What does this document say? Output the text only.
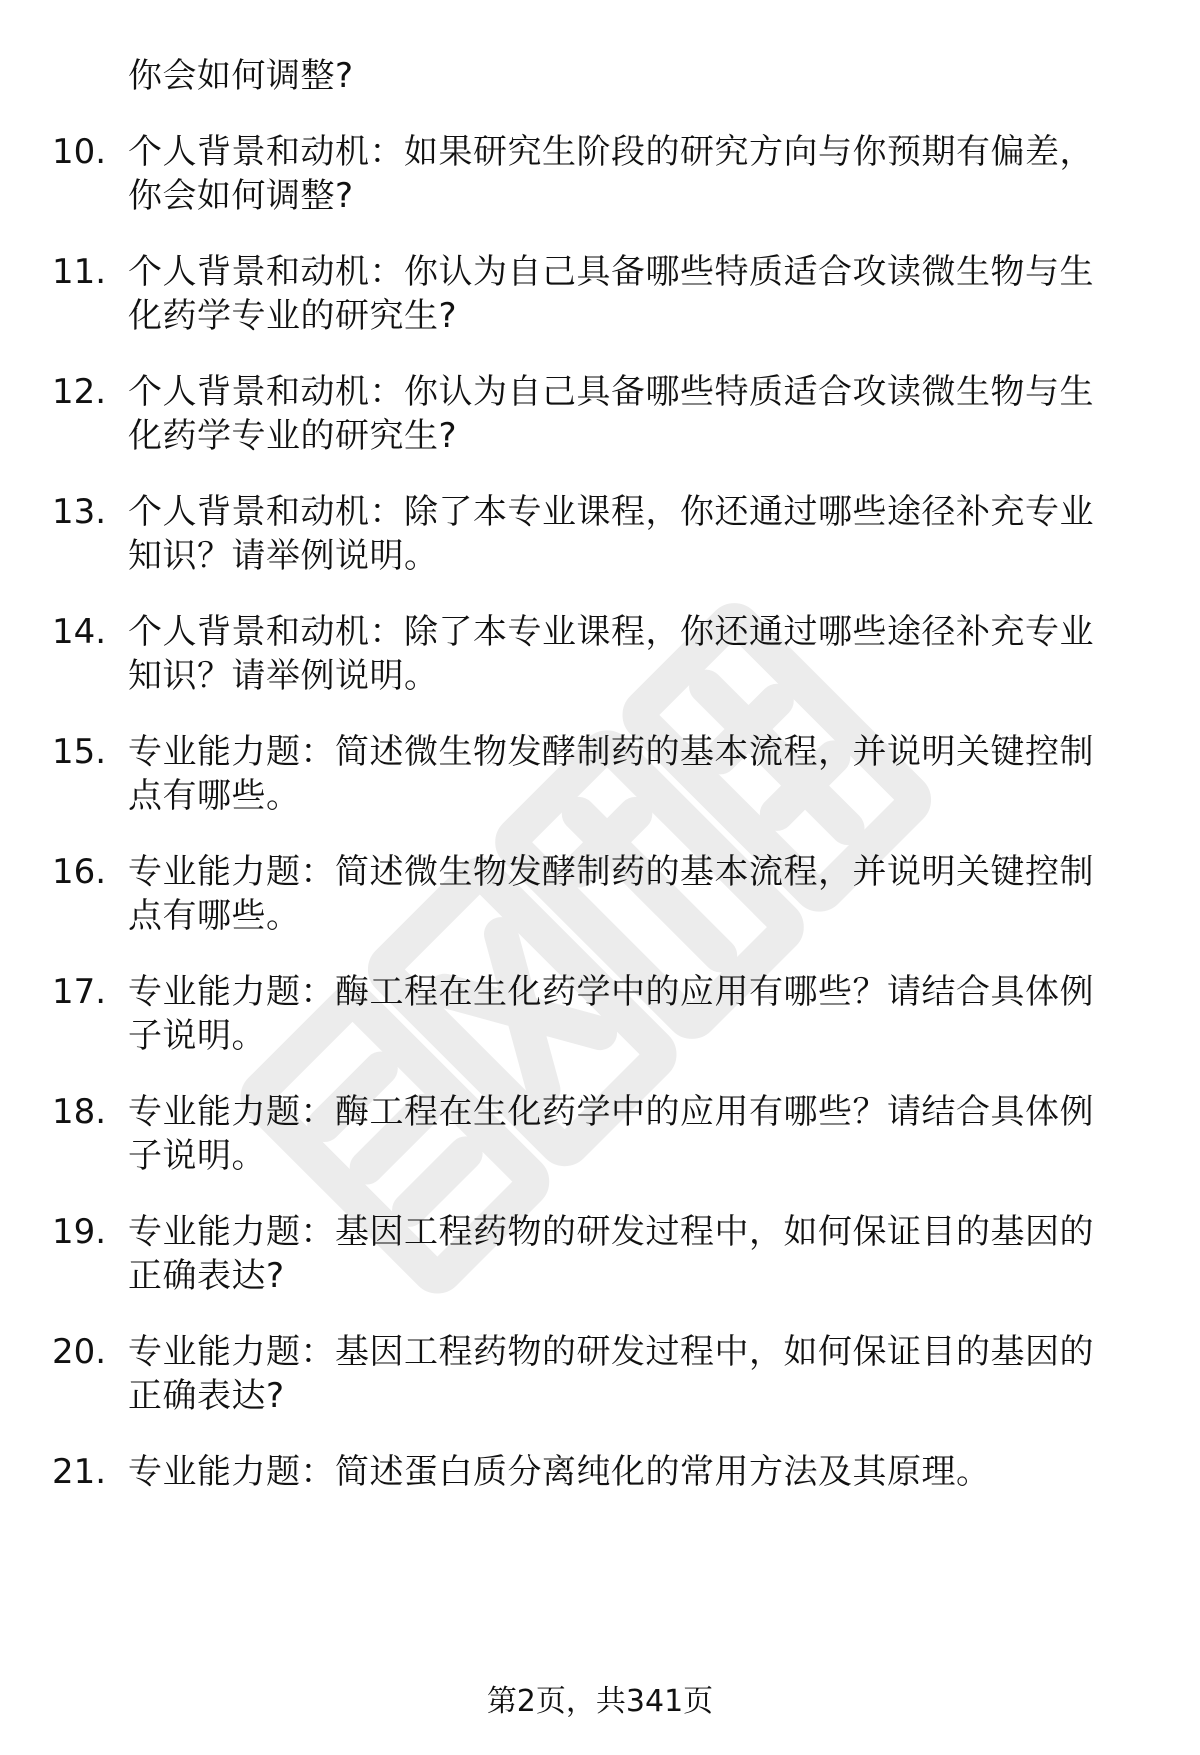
你会如何调整?
10. 个人背景和动机：如果研究生阶段的研究方向与你预期有偏差，
你会如何调整?
11. 个人背景和动机：你认为自己具备哪些特质适合攻读微生物与生
化药学专业的研究生?
12. 个人背景和动机：你认为自己具备哪些特质适合攻读微生物与生
化药学专业的研究生?
13. 个人背景和动机：除了本专业课程，你还通过哪些途径补充专业
知识？请举例说明。
14. 个人背景和动机：除了本专业课程，你还通过哪些途径补充专业
知识？请举例说明。
15. 专业能力题：简述微生物发酵制药的基本流程，并说明关键控制
点有哪些。
16. 专业能力题：简述微生物发酵制药的基本流程，并说明关键控制
点有哪些。
17. 专业能力题：酶工程在生化药学中的应用有哪些？请结合具体例
子说明。
18. 专业能力题：酶工程在生化药学中的应用有哪些？请结合具体例
子说明。
19. 专业能力题：基因工程药物的研发过程中，如何保证目的基因的
正确表达?
20. 专业能力题：基因工程药物的研发过程中，如何保证目的基因的
正确表达?
21. 专业能力题：简述蛋白质分离纯化的常用方法及其原理。
第2页，共341页
